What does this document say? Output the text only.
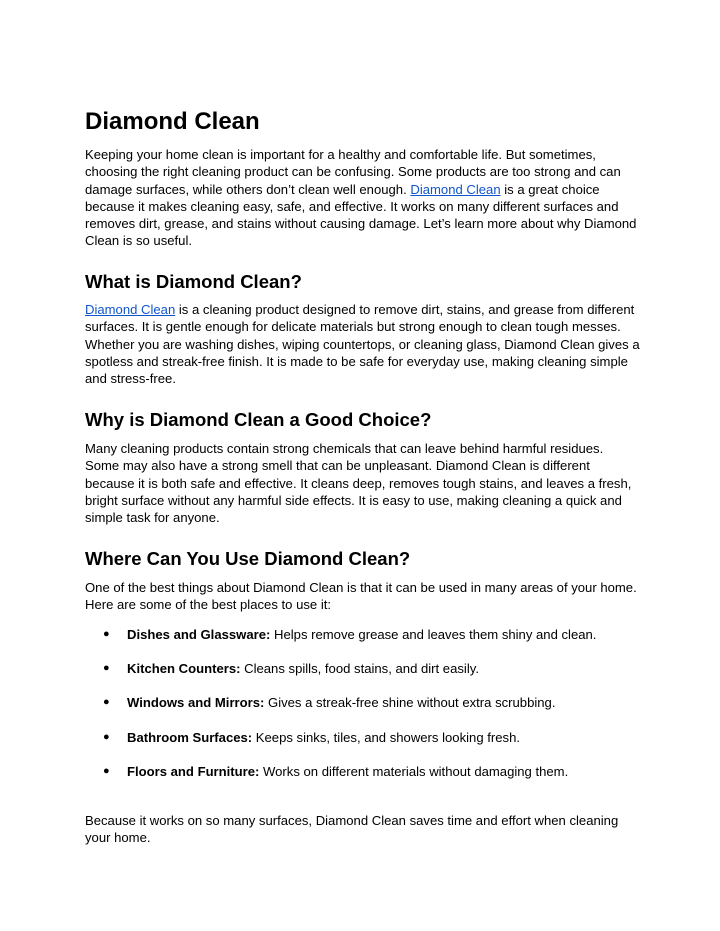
Diamond Clean

Keeping your home clean is important for a healthy and comfortable life. But sometimes, choosing the right cleaning product can be confusing. Some products are too strong and can damage surfaces, while others don’t clean well enough. Diamond Clean is a great choice because it makes cleaning easy, safe, and effective. It works on many different surfaces and removes dirt, grease, and stains without causing damage. Let’s learn more about why Diamond Clean is so useful.

What is Diamond Clean?

Diamond Clean is a cleaning product designed to remove dirt, stains, and grease from different surfaces. It is gentle enough for delicate materials but strong enough to clean tough messes. Whether you are washing dishes, wiping countertops, or cleaning glass, Diamond Clean gives a spotless and streak-free finish. It is made to be safe for everyday use, making cleaning simple and stress-free.

Why is Diamond Clean a Good Choice?

Many cleaning products contain strong chemicals that can leave behind harmful residues. Some may also have a strong smell that can be unpleasant. Diamond Clean is different because it is both safe and effective. It cleans deep, removes tough stains, and leaves a fresh, bright surface without any harmful side effects. It is easy to use, making cleaning a quick and simple task for anyone.

Where Can You Use Diamond Clean?

One of the best things about Diamond Clean is that it can be used in many areas of your home. Here are some of the best places to use it:

● Dishes and Glassware: Helps remove grease and leaves them shiny and clean.
● Kitchen Counters: Cleans spills, food stains, and dirt easily.
● Windows and Mirrors: Gives a streak-free shine without extra scrubbing.
● Bathroom Surfaces: Keeps sinks, tiles, and showers looking fresh.
● Floors and Furniture: Works on different materials without damaging them.

Because it works on so many surfaces, Diamond Clean saves time and effort when cleaning your home.
